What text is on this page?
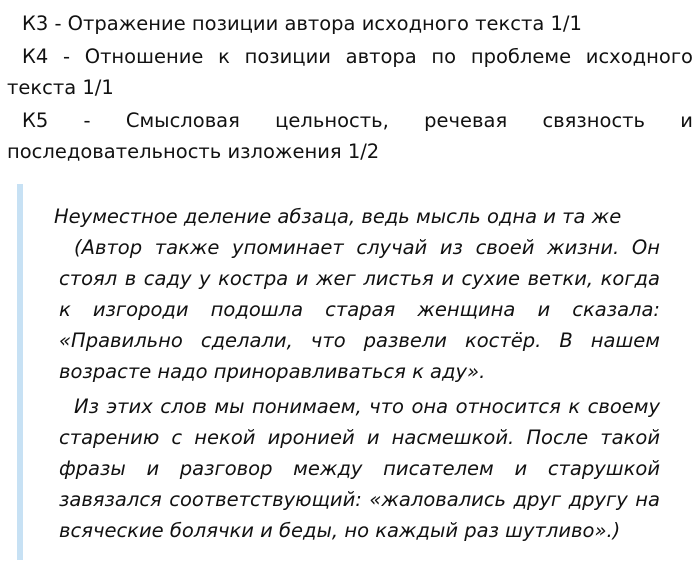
К3 - Отражение позиции автора исходного текста 1/1

К4 - Отношение к позиции автора по проблеме исходного текста 1/1

К5 - Смысловая цельность, речевая связность и последовательность изложения 1/2

Неуместное деление абзаца, ведь мысль одна и та же

(Автор также упоминает случай из своей жизни. Он стоял в саду у костра и жег листья и сухие ветки, когда к изгороди подошла старая женщина и сказала: «Правильно сделали, что развели костёр. В нашем возрасте надо приноравливаться к аду».

Из этих слов мы понимаем, что она относится к своему старению с некой иронией и насмешкой. После такой фразы и разговор между писателем и старушкой завязался соответствующий: «жаловались друг другу на всяческие болячки и беды, но каждый раз шутливо».)
